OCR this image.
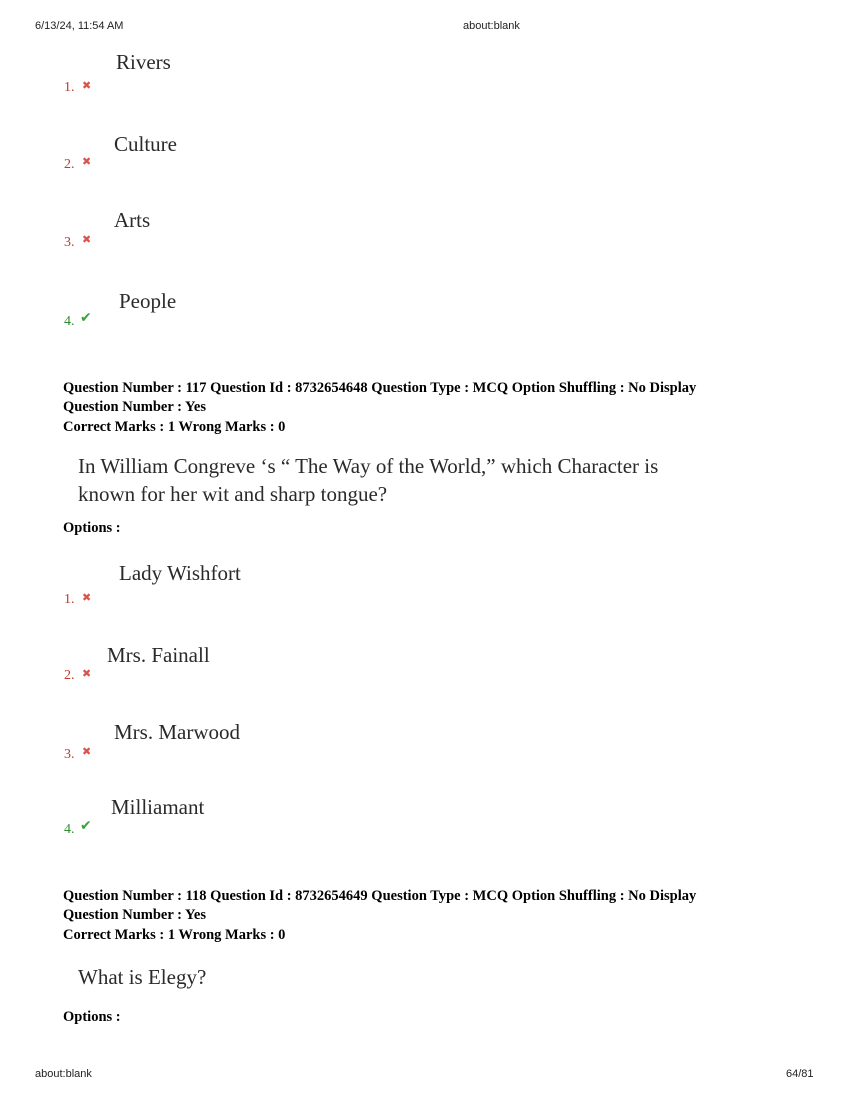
6/13/24, 11:54 AM	about:blank
about:blank	64/81
1. ✖
Rivers
2. ✖
Culture
3. ✖
Arts
4. ✔
People
Question Number : 117 Question Id : 8732654648 Question Type : MCQ Option Shuffling : No Display
Question Number : Yes
Correct Marks : 1 Wrong Marks : 0
In William Congreve ‘s “ The Way of the World,” which Character is
known for her wit and sharp tongue?
Options :
1. ✖
Lady Wishfort
2. ✖
Mrs. Fainall
3. ✖
Mrs. Marwood
4. ✔
Milliamant
Question Number : 118 Question Id : 8732654649 Question Type : MCQ Option Shuffling : No Display
Question Number : Yes
Correct Marks : 1 Wrong Marks : 0
What is Elegy?
Options :
